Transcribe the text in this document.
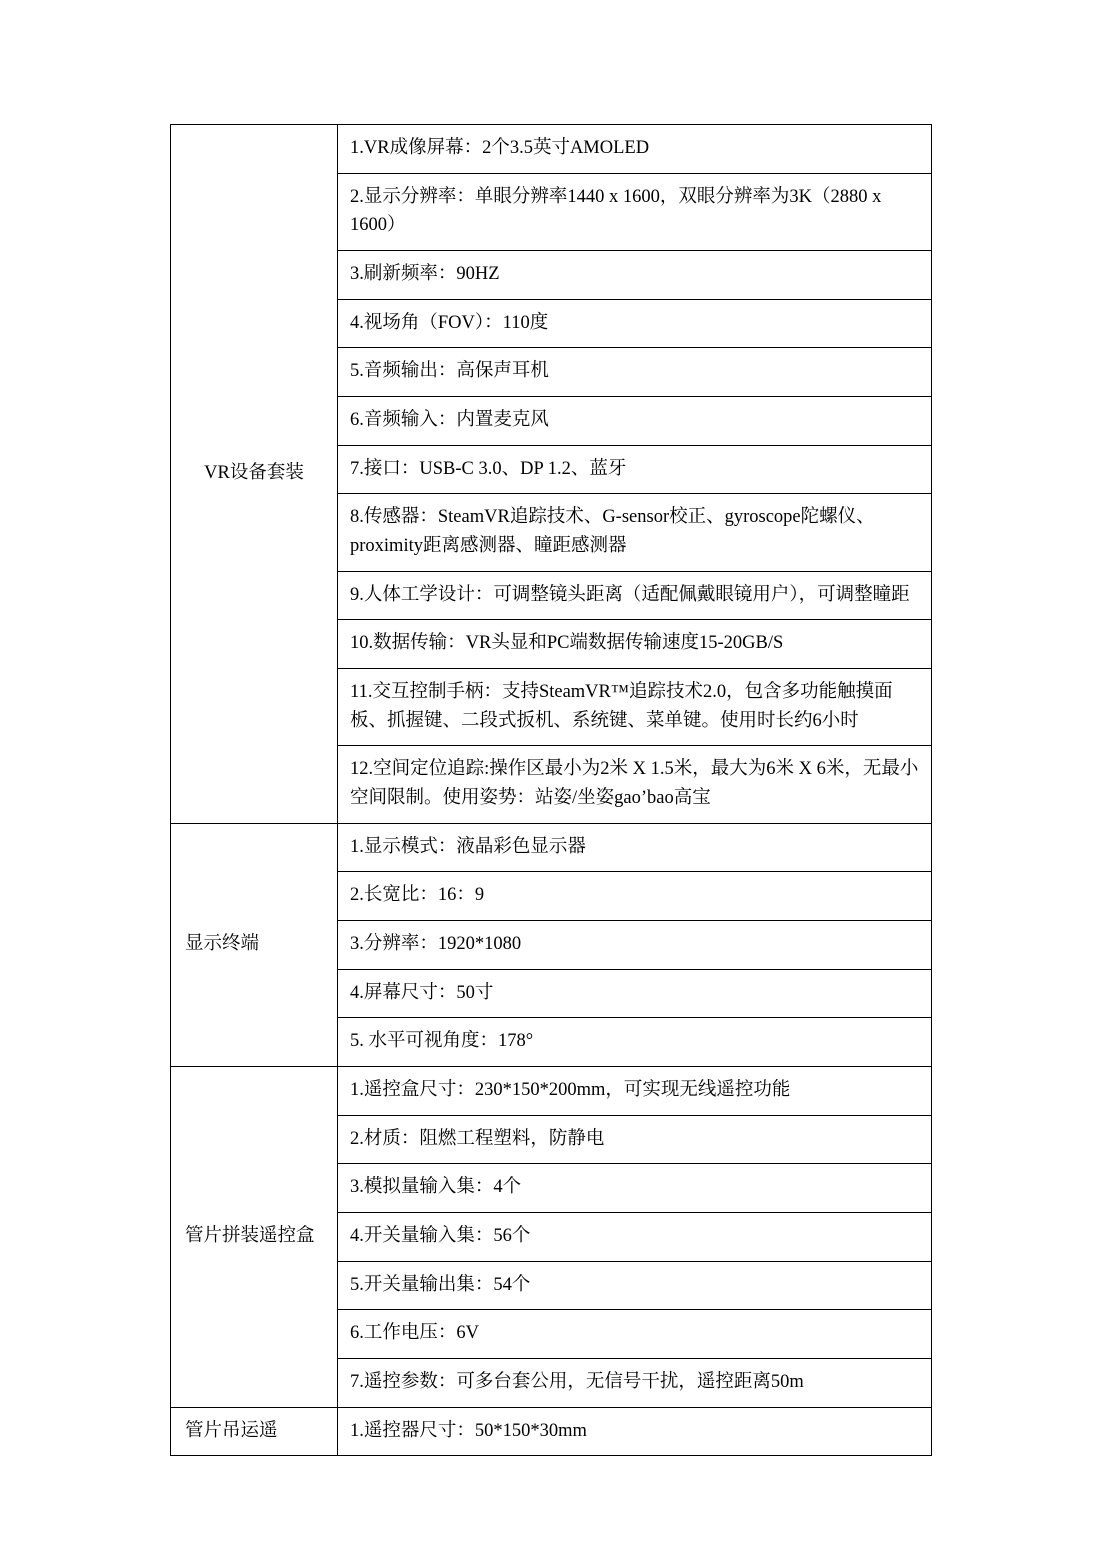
VR设备套装	1.VR成像屏幕：2个3.5英寸AMOLED
	2.显示分辨率：单眼分辨率1440 x 1600，双眼分辨率为3K（2880 x 1600）
	3.刷新频率：90HZ
	4.视场角（FOV）：110度
	5.音频输出：高保声耳机
	6.音频输入：内置麦克风
	7.接口：USB-C 3.0、DP 1.2、蓝牙
	8.传感器：SteamVR追踪技术、G-sensor校正、gyroscope陀螺仪、proximity距离感测器、瞳距感测器
	9.人体工学设计：可调整镜头距离（适配佩戴眼镜用户），可调整瞳距
	10.数据传输：VR头显和PC端数据传输速度15-20GB/S
	11.交互控制手柄：支持SteamVR™追踪技术2.0，包含多功能触摸面板、抓握键、二段式扳机、系统键、菜单键。使用时长约6小时
	12.空间定位追踪:操作区最小为2米 X 1.5米，最大为6米 X 6米，无最小空间限制。使用姿势：站姿/坐姿gao’bao高宝
显示终端	1.显示模式：液晶彩色显示器
	2.长宽比：16：9
	3.分辨率：1920*1080
	4.屏幕尺寸：50寸
	5. 水平可视角度：178°
管片拼装遥控盒	1.遥控盒尺寸：230*150*200mm，可实现无线遥控功能
	2.材质：阻燃工程塑料，防静电
	3.模拟量输入集：4个
	4.开关量输入集：56个
	5.开关量输出集：54个
	6.工作电压：6V
	7.遥控参数：可多台套公用，无信号干扰，遥控距离50m
管片吊运遥	1.遥控器尺寸：50*150*30mm
